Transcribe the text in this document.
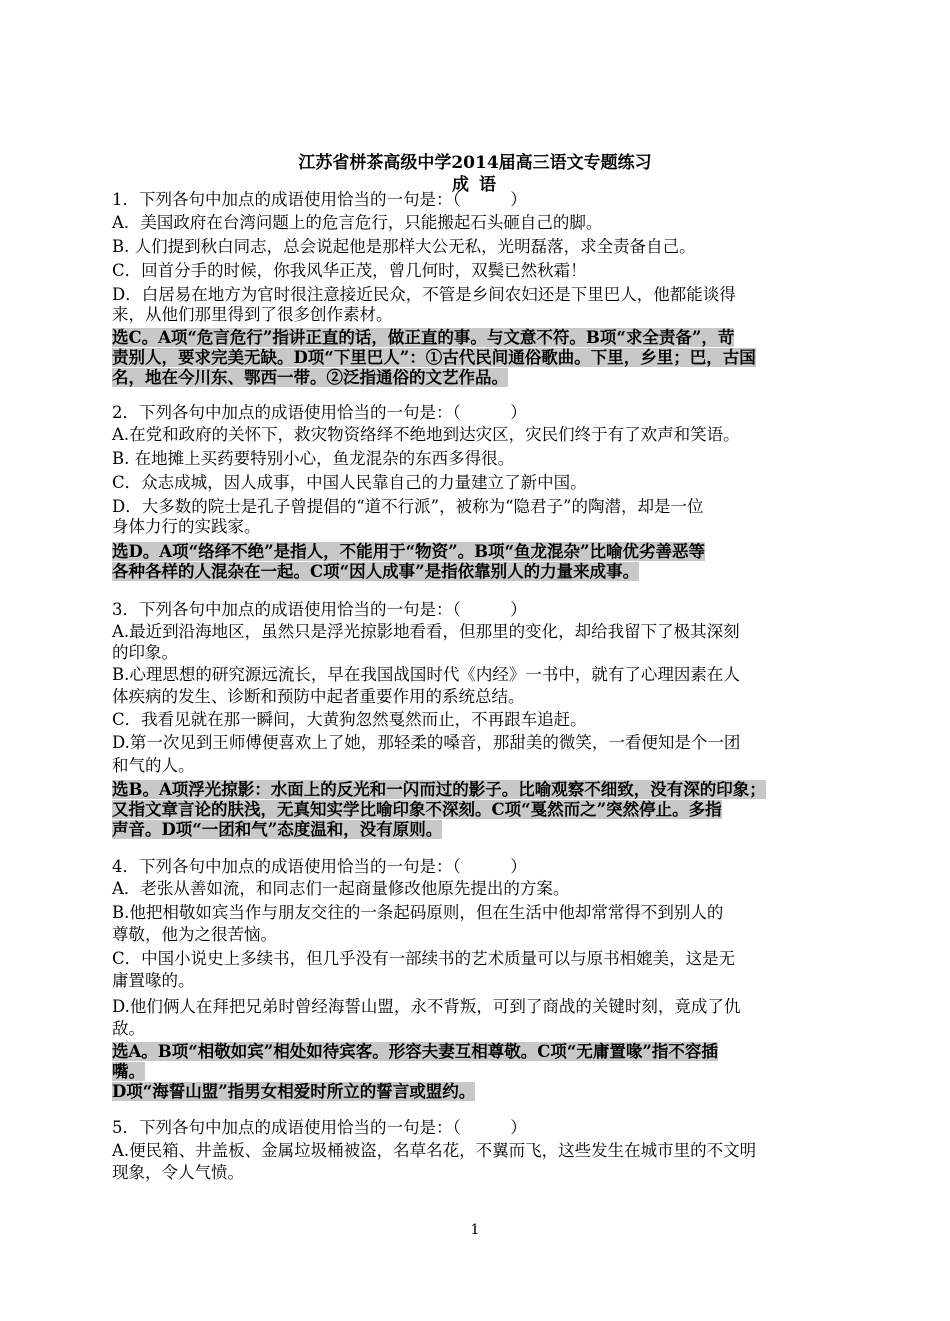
江苏省栟茶高级中学2014届高三语文专题练习
成 语
1．下列各句中加点的成语使用恰当的一句是：（　　　）
A．美国政府在台湾问题上的危言危行，只能搬起石头砸自己的脚。
B. 人们提到秋白同志，总会说起他是那样大公无私，光明磊落，求全责备自己。
C．回首分手的时候，你我风华正茂，曾几何时，双鬓已然秋霜！
D．白居易在地方为官时很注意接近民众，不管是乡间农妇还是下里巴人，他都能谈得
来，从他们那里得到了很多创作素材。
选C。A项“危言危行”指讲正直的话，做正直的事。与文意不符。B项“求全责备”，苛
责别人，要求完美无缺。D项“下里巴人”：①古代民间通俗歌曲。下里，乡里；巴，古国
名，地在今川东、鄂西一带。②泛指通俗的文艺作品。
2．下列各句中加点的成语使用恰当的一句是：（　　　）
A.在党和政府的关怀下，救灾物资络绎不绝地到达灾区，灾民们终于有了欢声和笑语。
B. 在地摊上买药要特别小心，鱼龙混杂的东西多得很。
C．众志成城，因人成事，中国人民靠自己的力量建立了新中国。
D．大多数的院士是孔子曾提倡的“道不行派”，被称为“隐君子”的陶潜，却是一位
身体力行的实践家。
选D。A项“络绎不绝”是指人，不能用于“物资”。B项“鱼龙混杂”比喻优劣善恶等
各种各样的人混杂在一起。C项“因人成事”是指依靠别人的力量来成事。
3．下列各句中加点的成语使用恰当的一句是：（　　　）
A.最近到沿海地区，虽然只是浮光掠影地看看，但那里的变化，却给我留下了极其深刻
的印象。
B.心理思想的研究源远流长，早在我国战国时代《内经》一书中，就有了心理因素在人
体疾病的发生、诊断和预防中起者重要作用的系统总结。
C．我看见就在那一瞬间，大黄狗忽然戛然而止，不再跟车追赶。
D.第一次见到王师傅便喜欢上了她，那轻柔的嗓音，那甜美的微笑，一看便知是个一团
和气的人。
选B。A项浮光掠影：水面上的反光和一闪而过的影子。比喻观察不细致，没有深的印象；
又指文章言论的肤浅，无真知实学比喻印象不深刻。C项“戛然而之”突然停止。多指
声音。D项“一团和气”态度温和，没有原则。
4．下列各句中加点的成语使用恰当的一句是：（　　　）
A．老张从善如流，和同志们一起商量修改他原先提出的方案。
B.他把相敬如宾当作与朋友交往的一条起码原则，但在生活中他却常常得不到别人的
尊敬，他为之很苦恼。
C．中国小说史上多续书，但几乎没有一部续书的艺术质量可以与原书相媲美，这是无
庸置喙的。
D.他们俩人在拜把兄弟时曾经海誓山盟，永不背叛，可到了商战的关键时刻，竟成了仇
敌。
选A。B项“相敬如宾”相处如待宾客。形容夫妻互相尊敬。C项“无庸置喙”指不容插
嘴。
D项“海誓山盟”指男女相爱时所立的誓言或盟约。
5．下列各句中加点的成语使用恰当的一句是：（　　　）
A.便民箱、井盖板、金属垃圾桶被盗，名草名花，不翼而飞，这些发生在城市里的不文明
现象，令人气愤。
1
